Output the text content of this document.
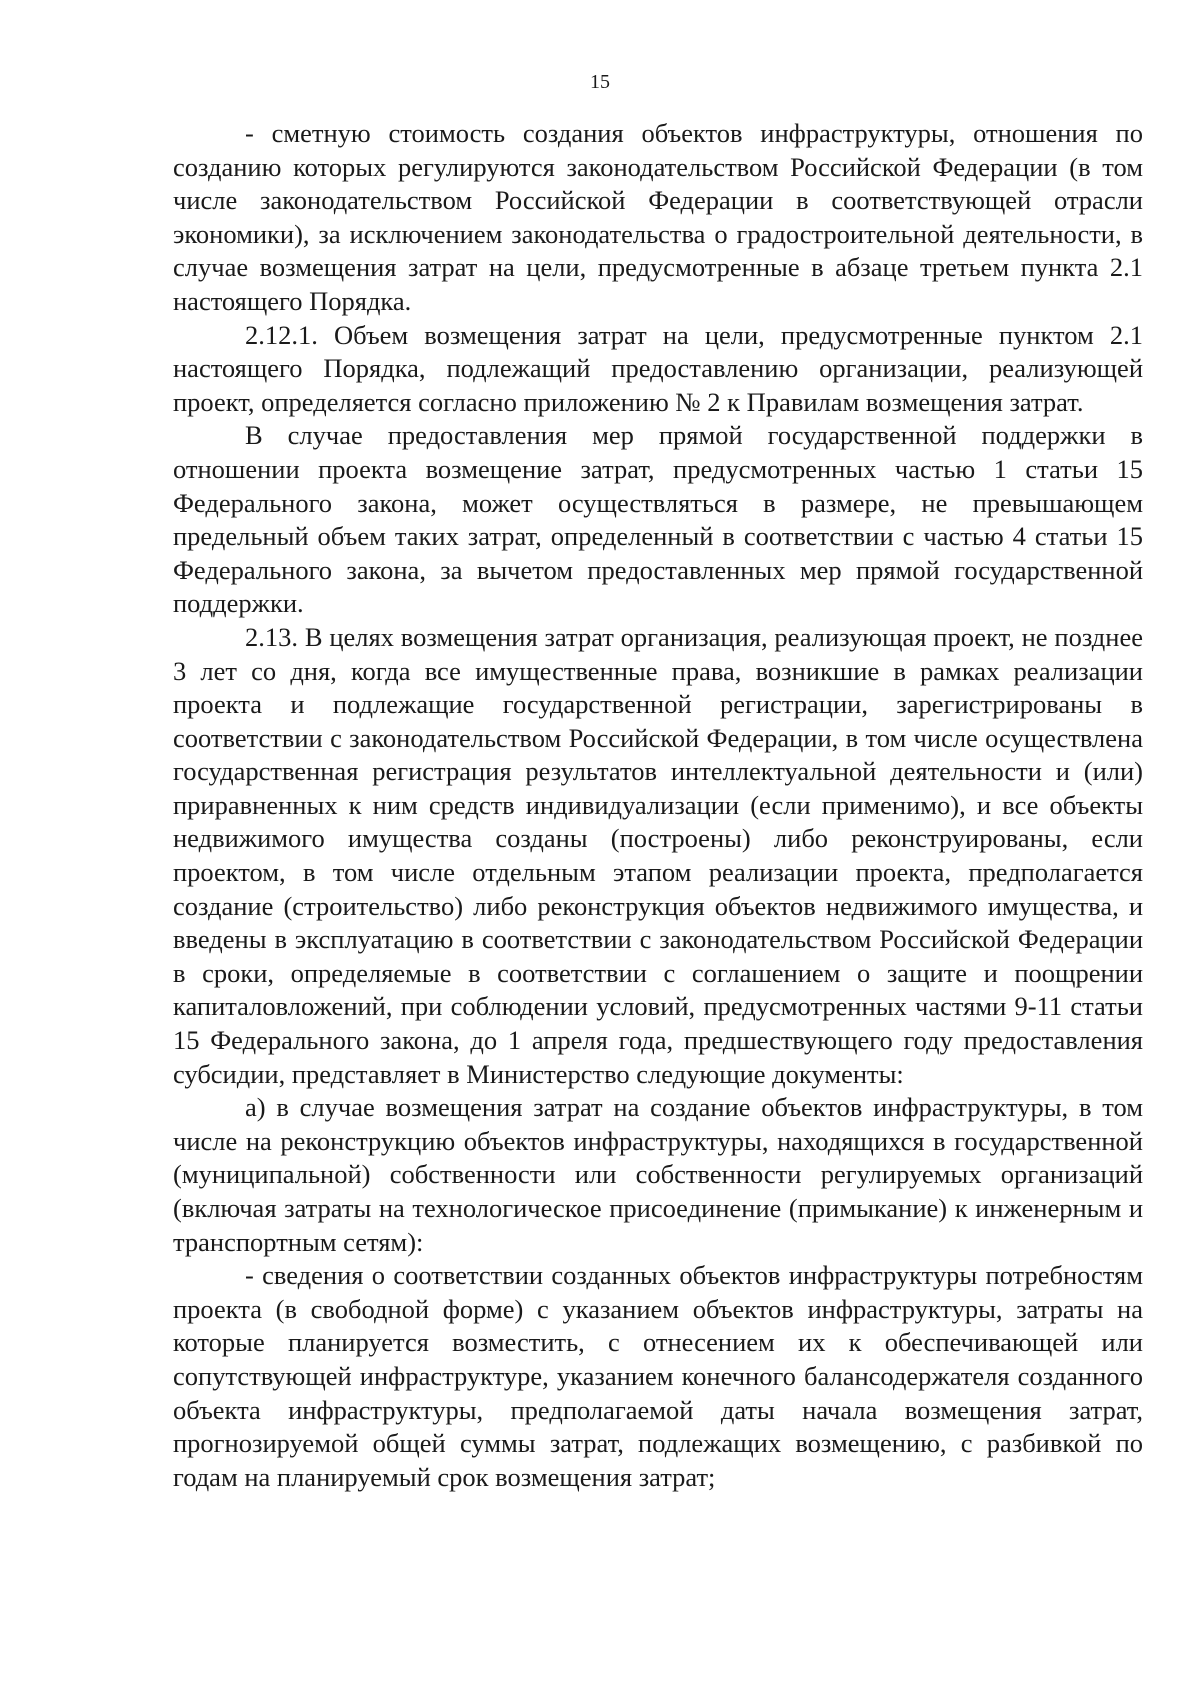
15

- сметную стоимость создания объектов инфраструктуры, отношения по созданию которых регулируются законодательством Российской Федерации (в том числе законодательством Российской Федерации в соответствующей отрасли экономики), за исключением законодательства о градостроительной деятельности, в случае возмещения затрат на цели, предусмотренные в абзаце третьем пункта 2.1 настоящего Порядка.

2.12.1. Объем возмещения затрат на цели, предусмотренные пунктом 2.1 настоящего Порядка, подлежащий предоставлению организации, реализующей проект, определяется согласно приложению № 2 к Правилам возмещения затрат.

В случае предоставления мер прямой государственной поддержки в отношении проекта возмещение затрат, предусмотренных частью 1 статьи 15 Федерального закона, может осуществляться в размере, не превышающем предельный объем таких затрат, определенный в соответствии с частью 4 статьи 15 Федерального закона, за вычетом предоставленных мер прямой государственной поддержки.

2.13. В целях возмещения затрат организация, реализующая проект, не позднее 3 лет со дня, когда все имущественные права, возникшие в рамках реализации проекта и подлежащие государственной регистрации, зарегистрированы в соответствии с законодательством Российской Федерации, в том числе осуществлена государственная регистрация результатов интеллектуальной деятельности и (или) приравненных к ним средств индивидуализации (если применимо), и все объекты недвижимого имущества созданы (построены) либо реконструированы, если проектом, в том числе отдельным этапом реализации проекта, предполагается создание (строительство) либо реконструкция объектов недвижимого имущества, и введены в эксплуатацию в соответствии с законодательством Российской Федерации в сроки, определяемые в соответствии с соглашением о защите и поощрении капиталовложений, при соблюдении условий, предусмотренных частями 9-11 статьи 15 Федерального закона, до 1 апреля года, предшествующего году предоставления субсидии, представляет в Министерство следующие документы:

а) в случае возмещения затрат на создание объектов инфраструктуры, в том числе на реконструкцию объектов инфраструктуры, находящихся в государственной (муниципальной) собственности или собственности регулируемых организаций (включая затраты на технологическое присоединение (примыкание) к инженерным и транспортным сетям):

- сведения о соответствии созданных объектов инфраструктуры потребностям проекта (в свободной форме) с указанием объектов инфраструктуры, затраты на которые планируется возместить, с отнесением их к обеспечивающей или сопутствующей инфраструктуре, указанием конечного балансодержателя созданного объекта инфраструктуры, предполагаемой даты начала возмещения затрат, прогнозируемой общей суммы затрат, подлежащих возмещению, с разбивкой по годам на планируемый срок возмещения затрат;
